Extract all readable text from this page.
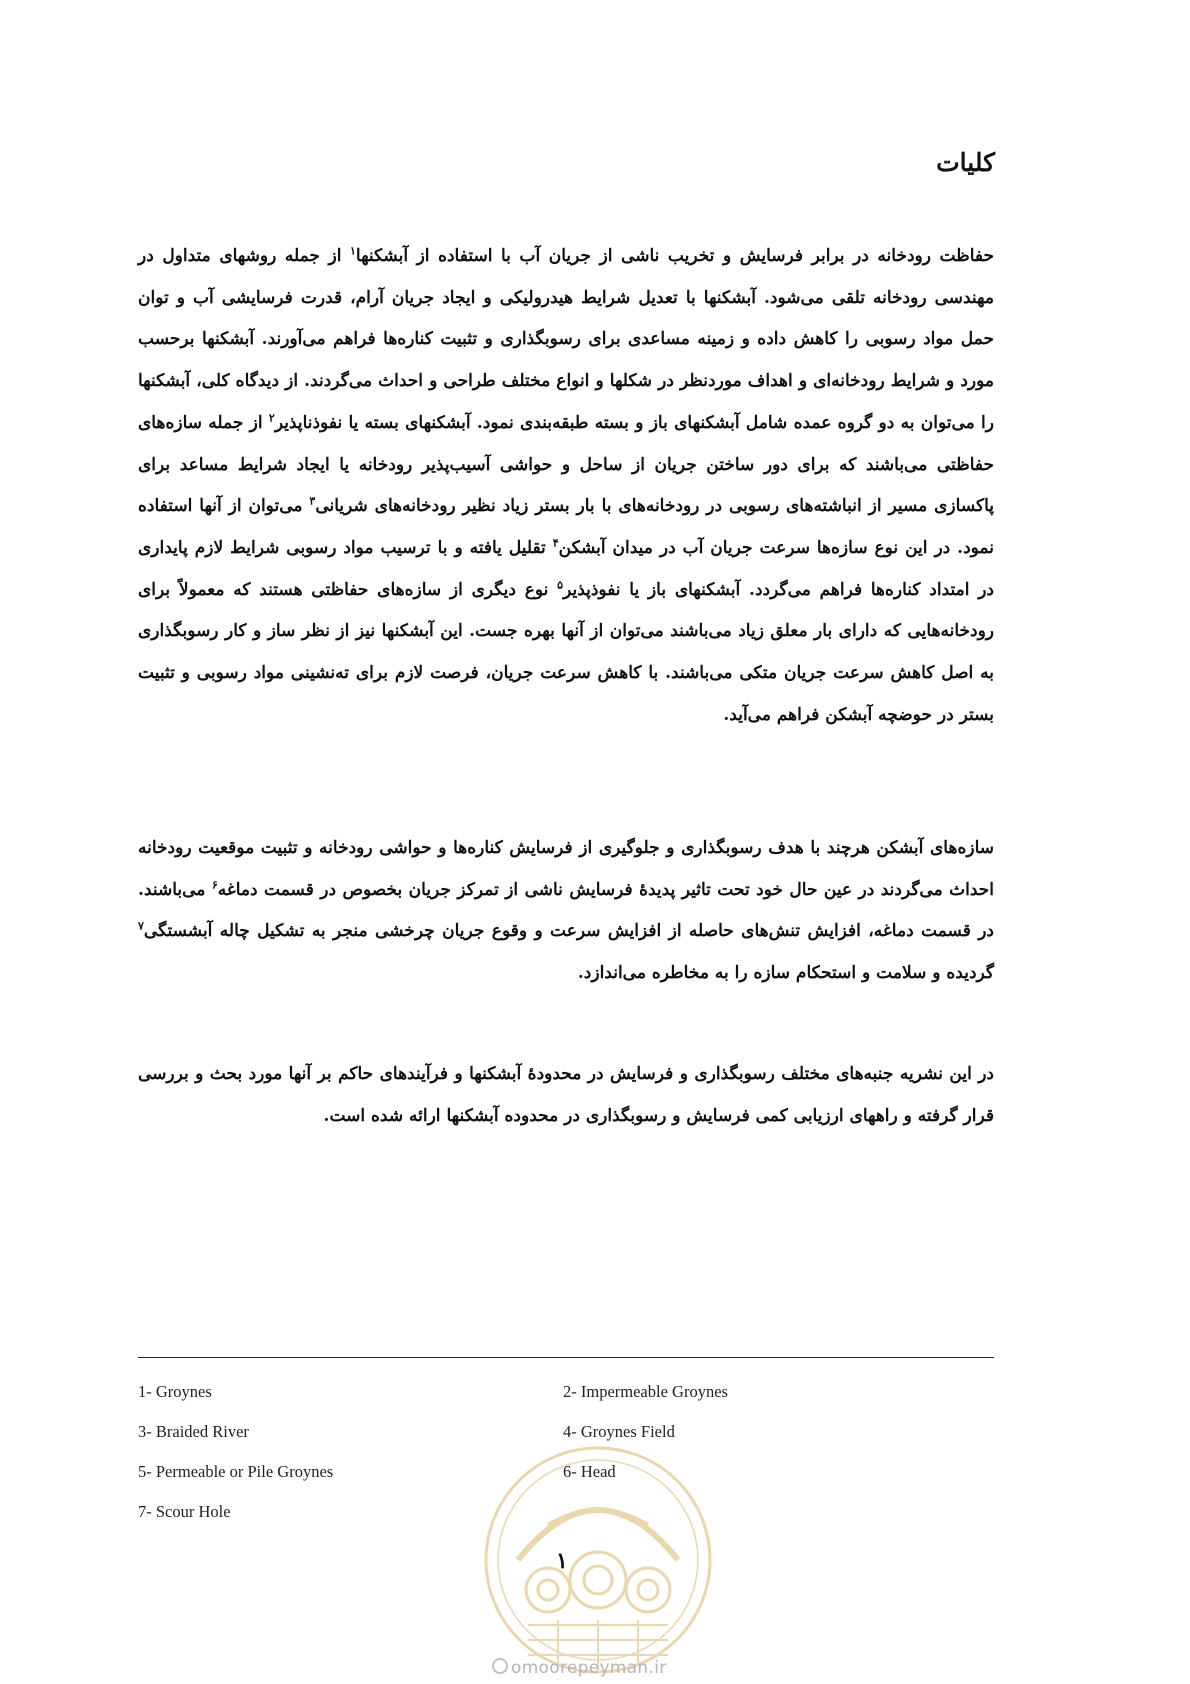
کلیات

حفاظت رودخانه در برابر فرسایش و تخریب ناشی از جریان آب با استفاده از آبشکنها$^۱$ از جمله روشهای متداول در مهندسی رودخانه تلقی می‌شود. آبشکنها با تعدیل شرایط هیدرولیکی و ایجاد جریان آرام، قدرت فرسایشی آب و توان حمل مواد رسوبی را کاهش داده و زمینه مساعدی برای رسوبگذاری و تثبیت کناره‌ها فراهم می‌آورند. آبشکنها برحسب مورد و شرایط رودخانه‌ای و اهداف موردنظر در شکلها و انواع مختلف طراحی و احداث می‌گردند. از دیدگاه کلی، آبشکنها را می‌توان به دو گروه عمده شامل آبشکنهای باز و بسته طبقه‌بندی نمود. آبشکنهای بسته یا نفوذناپذیر$^۲$ از جمله سازه‌های حفاظتی می‌باشند که برای دور ساختن جریان از ساحل و حواشی آسیب‌پذیر رودخانه یا ایجاد شرایط مساعد برای پاکسازی مسیر از انباشته‌های رسوبی در رودخانه‌های با بار بستر زیاد نظیر رودخانه‌های شریانی$^۳$ می‌توان از آنها استفاده نمود. در این نوع سازه‌ها سرعت جریان آب در میدان آبشکن$^۴$ تقلیل یافته و با ترسیب مواد رسوبی شرایط لازم پایداری در امتداد کناره‌ها فراهم می‌گردد. آبشکنهای باز یا نفوذپذیر$^۵$ نوع دیگری از سازه‌های حفاظتی هستند که معمولاً برای رودخانه‌هایی که دارای بار معلق زیاد می‌باشند می‌توان از آنها بهره جست. این آبشکنها نیز از نظر ساز و کار رسوبگذاری به اصل کاهش سرعت جریان متکی می‌باشند. با کاهش سرعت جریان، فرصت لازم برای ته‌نشینی مواد رسوبی و تثبیت بستر در حوضچه آبشکن فراهم می‌آید.

سازه‌های آبشکن هرچند با هدف رسوبگذاری و جلوگیری از فرسایش کناره‌ها و حواشی رودخانه و تثبیت موقعیت رودخانه احداث می‌گردند در عین حال خود تحت تاثیر پدیدهٔ فرسایش ناشی از تمرکز جریان بخصوص در قسمت دماغه$^۶$ می‌باشند. در قسمت دماغه، افزایش تنش‌های حاصله از افزایش سرعت و وقوع جریان چرخشی منجر به تشکیل چاله آبشستگی$^۷$ گردیده و سلامت و استحکام سازه را به مخاطره می‌اندازد.

در این نشریه جنبه‌های مختلف رسوبگذاری و فرسایش در محدودهٔ آبشکنها و فرآیندهای حاکم بر آنها مورد بحث و بررسی قرار گرفته و راههای ارزیابی کمی فرسایش و رسوبگذاری در محدوده آبشکنها ارائه شده است.

1- Groynes	2- Impermeable Groynes
3- Braided River	4- Groynes Field
5- Permeable or Pile Groynes	6- Head
7- Scour Hole
۱
omoorepeyman.ir
